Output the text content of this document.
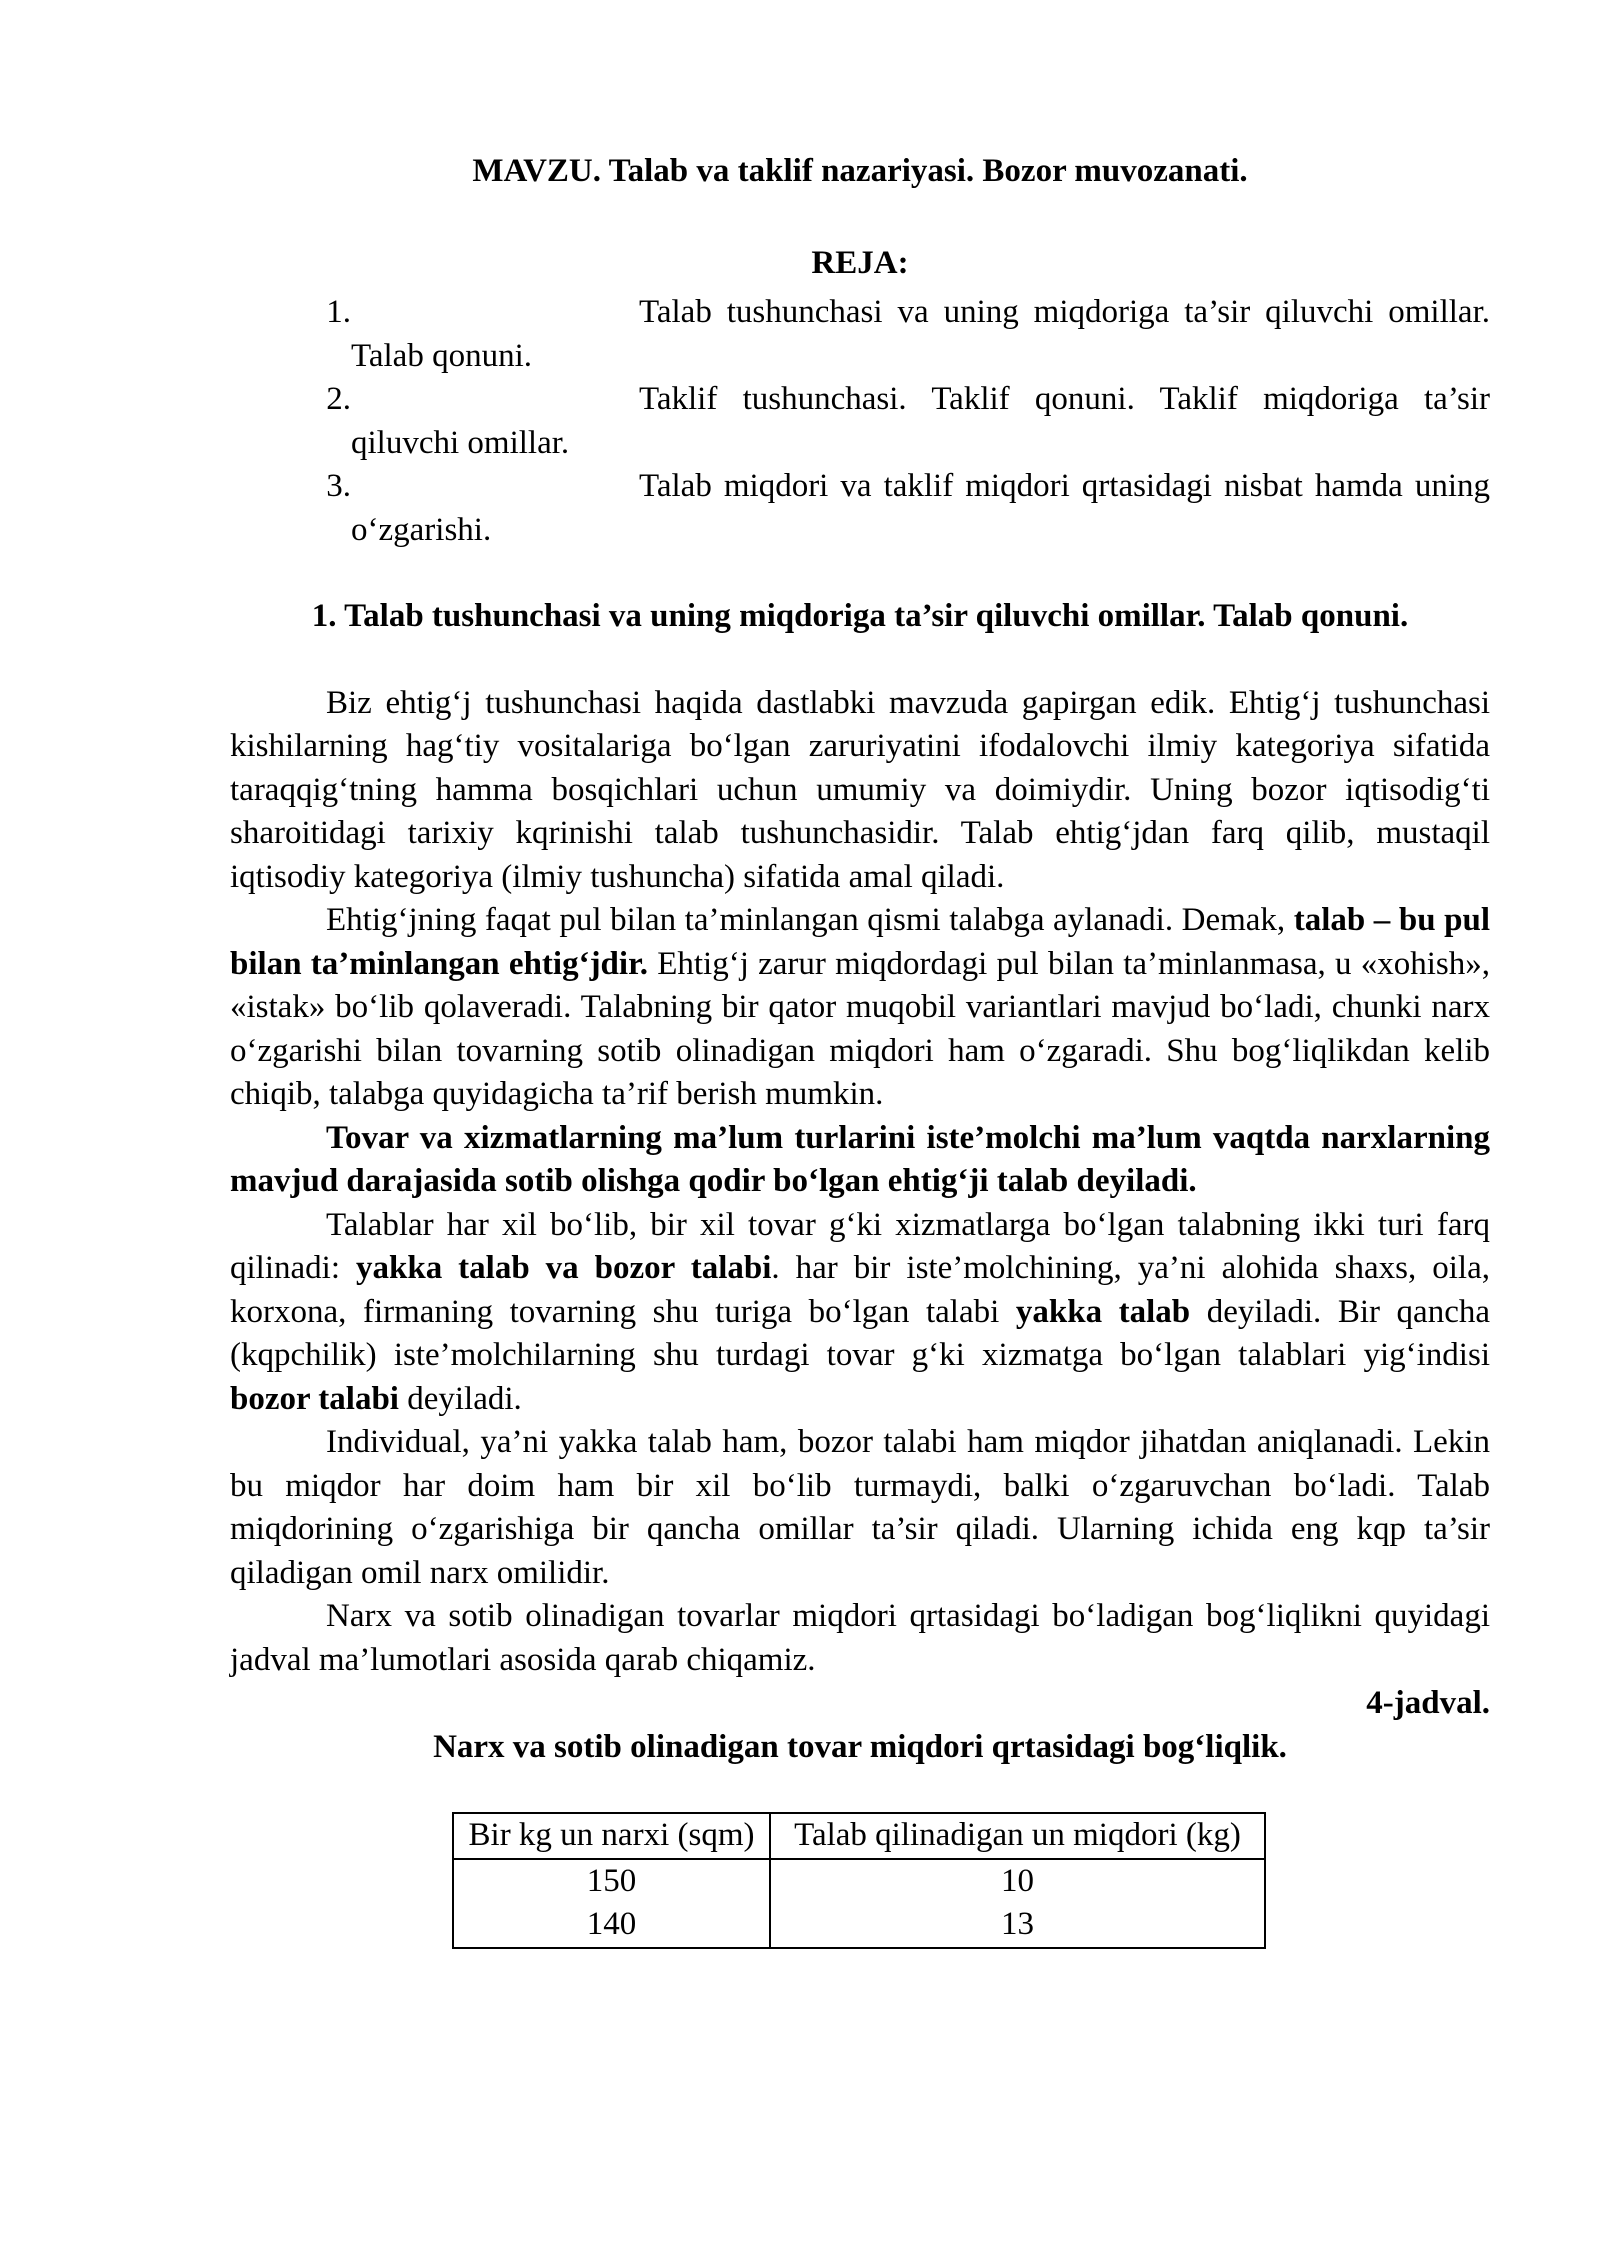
MAVZU. Talab va taklif nazariyasi. Bozor muvozanati.

REJA:

1.	Talab tushunchasi va uning miqdoriga ta’sir qiluvchi omillar. Talab qonuni.
2.	Taklif tushunchasi. Taklif qonuni. Taklif miqdoriga ta’sir qiluvchi omillar.
3.	Talab miqdori va taklif miqdori qrtasidagi nisbat hamda uning o‘zgarishi.

1. Talab tushunchasi va uning miqdoriga ta’sir qiluvchi omillar. Talab qonuni.

Biz ehtig‘j tushunchasi haqida dastlabki mavzuda gapirgan edik. Ehtig‘j tushunchasi kishilarning hag‘tiy vositalariga bo‘lgan zaruriyatini ifodalovchi ilmiy kategoriya sifatida taraqqig‘tning hamma bosqichlari uchun umumiy va doimiydir. Uning bozor iqtisodig‘ti sharoitidagi tarixiy kqrinishi talab tushunchasidir. Talab ehtig‘jdan farq qilib, mustaqil iqtisodiy kategoriya (ilmiy tushuncha) sifatida amal qiladi.

Ehtig‘jning faqat pul bilan ta’minlangan qismi talabga aylanadi. Demak, talab – bu pul bilan ta’minlangan ehtig‘jdir. Ehtig‘j zarur miqdordagi pul bilan ta’minlanmasa, u «xohish», «istak» bo‘lib qolaveradi. Talabning bir qator muqobil variantlari mavjud bo‘ladi, chunki narx o‘zgarishi bilan tovarning sotib olinadigan miqdori ham o‘zgaradi. Shu bog‘liqlikdan kelib chiqib, talabga quyidagicha ta’rif berish mumkin.

Tovar va xizmatlarning ma’lum turlarini iste’molchi ma’lum vaqtda narxlarning mavjud darajasida sotib olishga qodir bo‘lgan ehtig‘ji talab deyiladi.

Talablar har xil bo‘lib, bir xil tovar g‘ki xizmatlarga bo‘lgan talabning ikki turi farq qilinadi: yakka talab va bozor talabi. har bir iste’molchining, ya’ni alohida shaxs, oila, korxona, firmaning tovarning shu turiga bo‘lgan talabi yakka talab deyiladi. Bir qancha (kqpchilik) iste’molchilarning shu turdagi tovar g‘ki xizmatga bo‘lgan talablari yig‘indisi bozor talabi deyiladi.

Individual, ya’ni yakka talab ham, bozor talabi ham miqdor jihatdan aniqlanadi. Lekin bu miqdor har doim ham bir xil bo‘lib turmaydi, balki o‘zgaruvchan bo‘ladi. Talab miqdorining o‘zgarishiga bir qancha omillar ta’sir qiladi. Ularning ichida eng kqp ta’sir qiladigan omil narx omilidir.

Narx va sotib olinadigan tovarlar miqdori qrtasidagi bo‘ladigan bog‘liqlikni quyidagi jadval ma’lumotlari asosida qarab chiqamiz.

4-jadval.

Narx va sotib olinadigan tovar miqdori qrtasidagi bog‘liqlik.

Bir kg un narxi (sqm)	Talab qilinadigan un miqdori (kg)
150	10
140	13
